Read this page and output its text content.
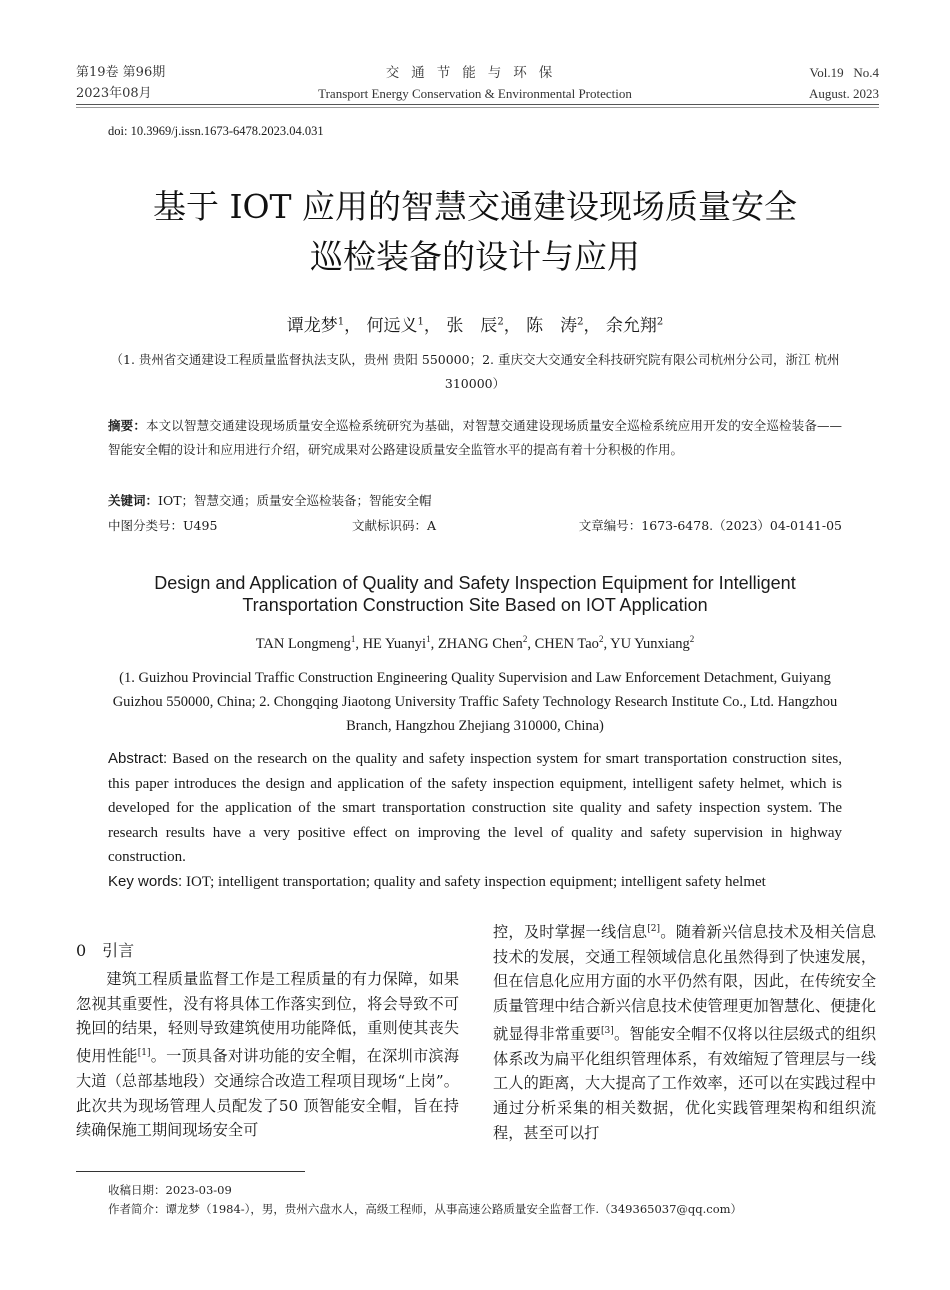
第19卷 第96期
2023年08月
交通节能与环保
Transport Energy Conservation & Environmental Protection
Vol.19   No.4
August. 2023
doi: 10.3969/j.issn.1673-6478.2023.04.031
基于 IOT 应用的智慧交通建设现场质量安全
巡检装备的设计与应用
谭龙梦$^1$， 何远义$^1$， 张　辰$^2$， 陈　涛$^2$， 余允翔$^2$
（1. 贵州省交通建设工程质量监督执法支队，贵州 贵阳 550000；2. 重庆交大交通安全科技研究院有限公司杭州分公司，浙江 杭州 310000）
摘要：本文以智慧交通建设现场质量安全巡检系统研究为基础，对智慧交通建设现场质量安全巡检系统应用开发的安全巡检装备——智能安全帽的设计和应用进行介绍，研究成果对公路建设质量安全监管水平的提高有着十分积极的作用。
关键词：IOT；智慧交通；质量安全巡检装备；智能安全帽
中图分类号：U495	文献标识码：A	文章编号：1673-6478.（2023）04-0141-05
Design and Application of Quality and Safety Inspection Equipment for Intelligent
Transportation Construction Site Based on IOT Application
TAN Longmeng$^1$, HE Yuanyi$^1$, ZHANG Chen$^2$, CHEN Tao$^2$, YU Yunxiang$^2$
(1. Guizhou Provincial Traffic Construction Engineering Quality Supervision and Law Enforcement Detachment, Guiyang Guizhou 550000, China; 2. Chongqing Jiaotong University Traffic Safety Technology Research Institute Co., Ltd. Hangzhou Branch, Hangzhou Zhejiang 310000, China)
Abstract: Based on the research on the quality and safety inspection system for smart transportation construction sites, this paper introduces the design and application of the safety inspection equipment, intelligent safety helmet, which is developed for the application of the smart transportation construction site quality and safety inspection system. The research results have a very positive effect on improving the level of quality and safety supervision in highway construction.
Key words: IOT; intelligent transportation; quality and safety inspection equipment; intelligent safety helmet
0　引言
建筑工程质量监督工作是工程质量的有力保障，如果忽视其重要性，没有将具体工作落实到位，将会导致不可挽回的结果，轻则导致建筑使用功能降低，重则使其丧失使用性能[1]。一顶具备对讲功能的安全帽，在深圳市滨海大道（总部基地段）交通综合改造工程项目现场“上岗”。此次共为现场管理人员配发了50 顶智能安全帽，旨在持续确保施工期间现场安全可
控，及时掌握一线信息[2]。随着新兴信息技术及相关信息技术的发展，交通工程领域信息化虽然得到了快速发展，但在信息化应用方面的水平仍然有限，因此，在传统安全质量管理中结合新兴信息技术使管理更加智慧化、便捷化就显得非常重要[3]。智能安全帽不仅将以往层级式的组织体系改为扁平化组织管理体系，有效缩短了管理层与一线工人的距离，大大提高了工作效率，还可以在实践过程中通过分析采集的相关数据，优化实践管理架构和组织流程，甚至可以打
收稿日期：2023-03-09
作者简介：谭龙梦（1984-），男，贵州六盘水人，高级工程师，从事高速公路质量安全监督工作.（349365037@qq.com）
